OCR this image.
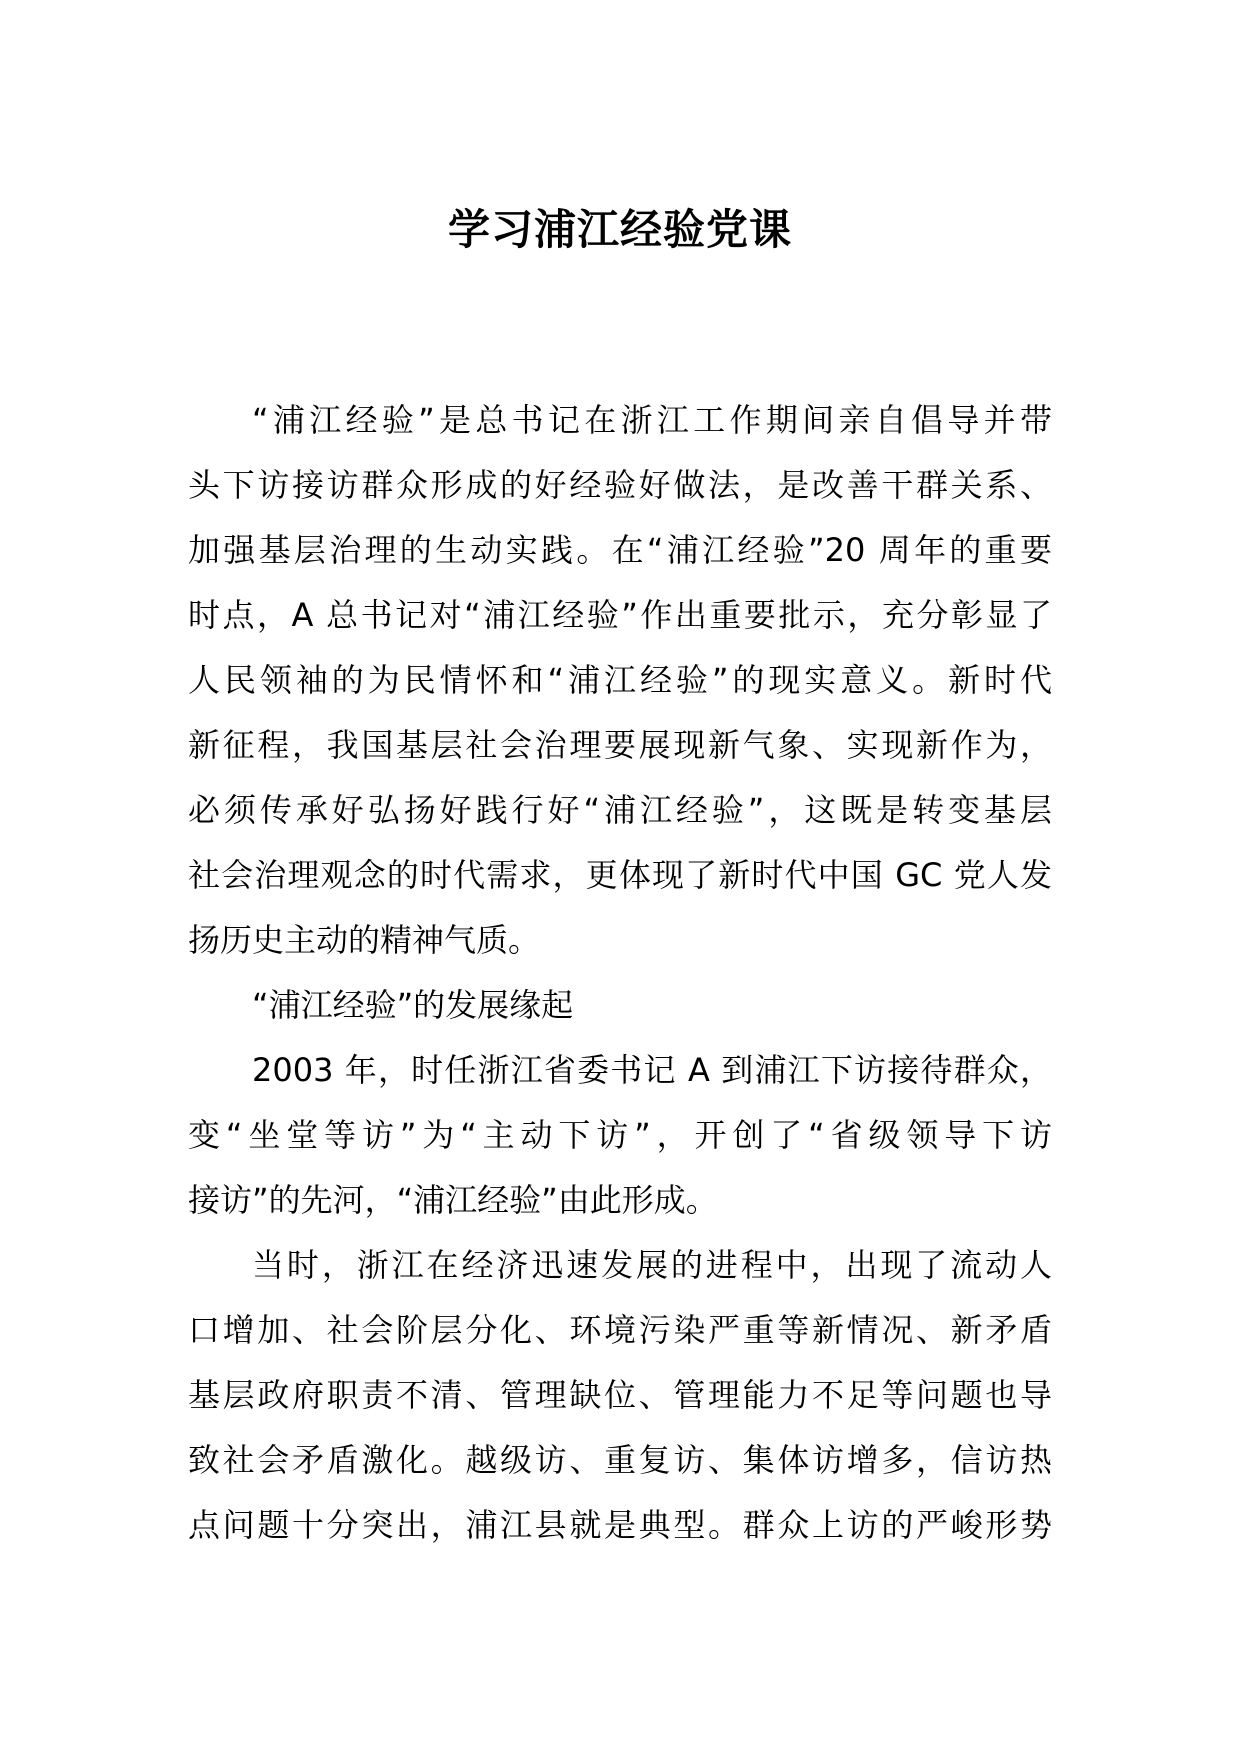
学习浦江经验党课
“浦江经验”是总书记在浙江工作期间亲自倡导并带
头下访接访群众形成的好经验好做法，是改善干群关系、
加强基层治理的生动实践。在“浦江经验”20 周年的重要
时点，A 总书记对“浦江经验”作出重要批示，充分彰显了
人民领袖的为民情怀和“浦江经验”的现实意义。新时代
新征程，我国基层社会治理要展现新气象、实现新作为，
必须传承好弘扬好践行好“浦江经验”，这既是转变基层
社会治理观念的时代需求，更体现了新时代中国 GC 党人发
扬历史主动的精神气质。
“浦江经验”的发展缘起
2003 年，时任浙江省委书记 A 到浦江下访接待群众，
变“坐堂等访”为“主动下访”，开创了“省级领导下访
接访”的先河，“浦江经验”由此形成。
当时，浙江在经济迅速发展的进程中，出现了流动人
口增加、社会阶层分化、环境污染严重等新情况、新矛盾
基层政府职责不清、管理缺位、管理能力不足等问题也导
致社会矛盾激化。越级访、重复访、集体访增多，信访热
点问题十分突出，浦江县就是典型。群众上访的严峻形势
